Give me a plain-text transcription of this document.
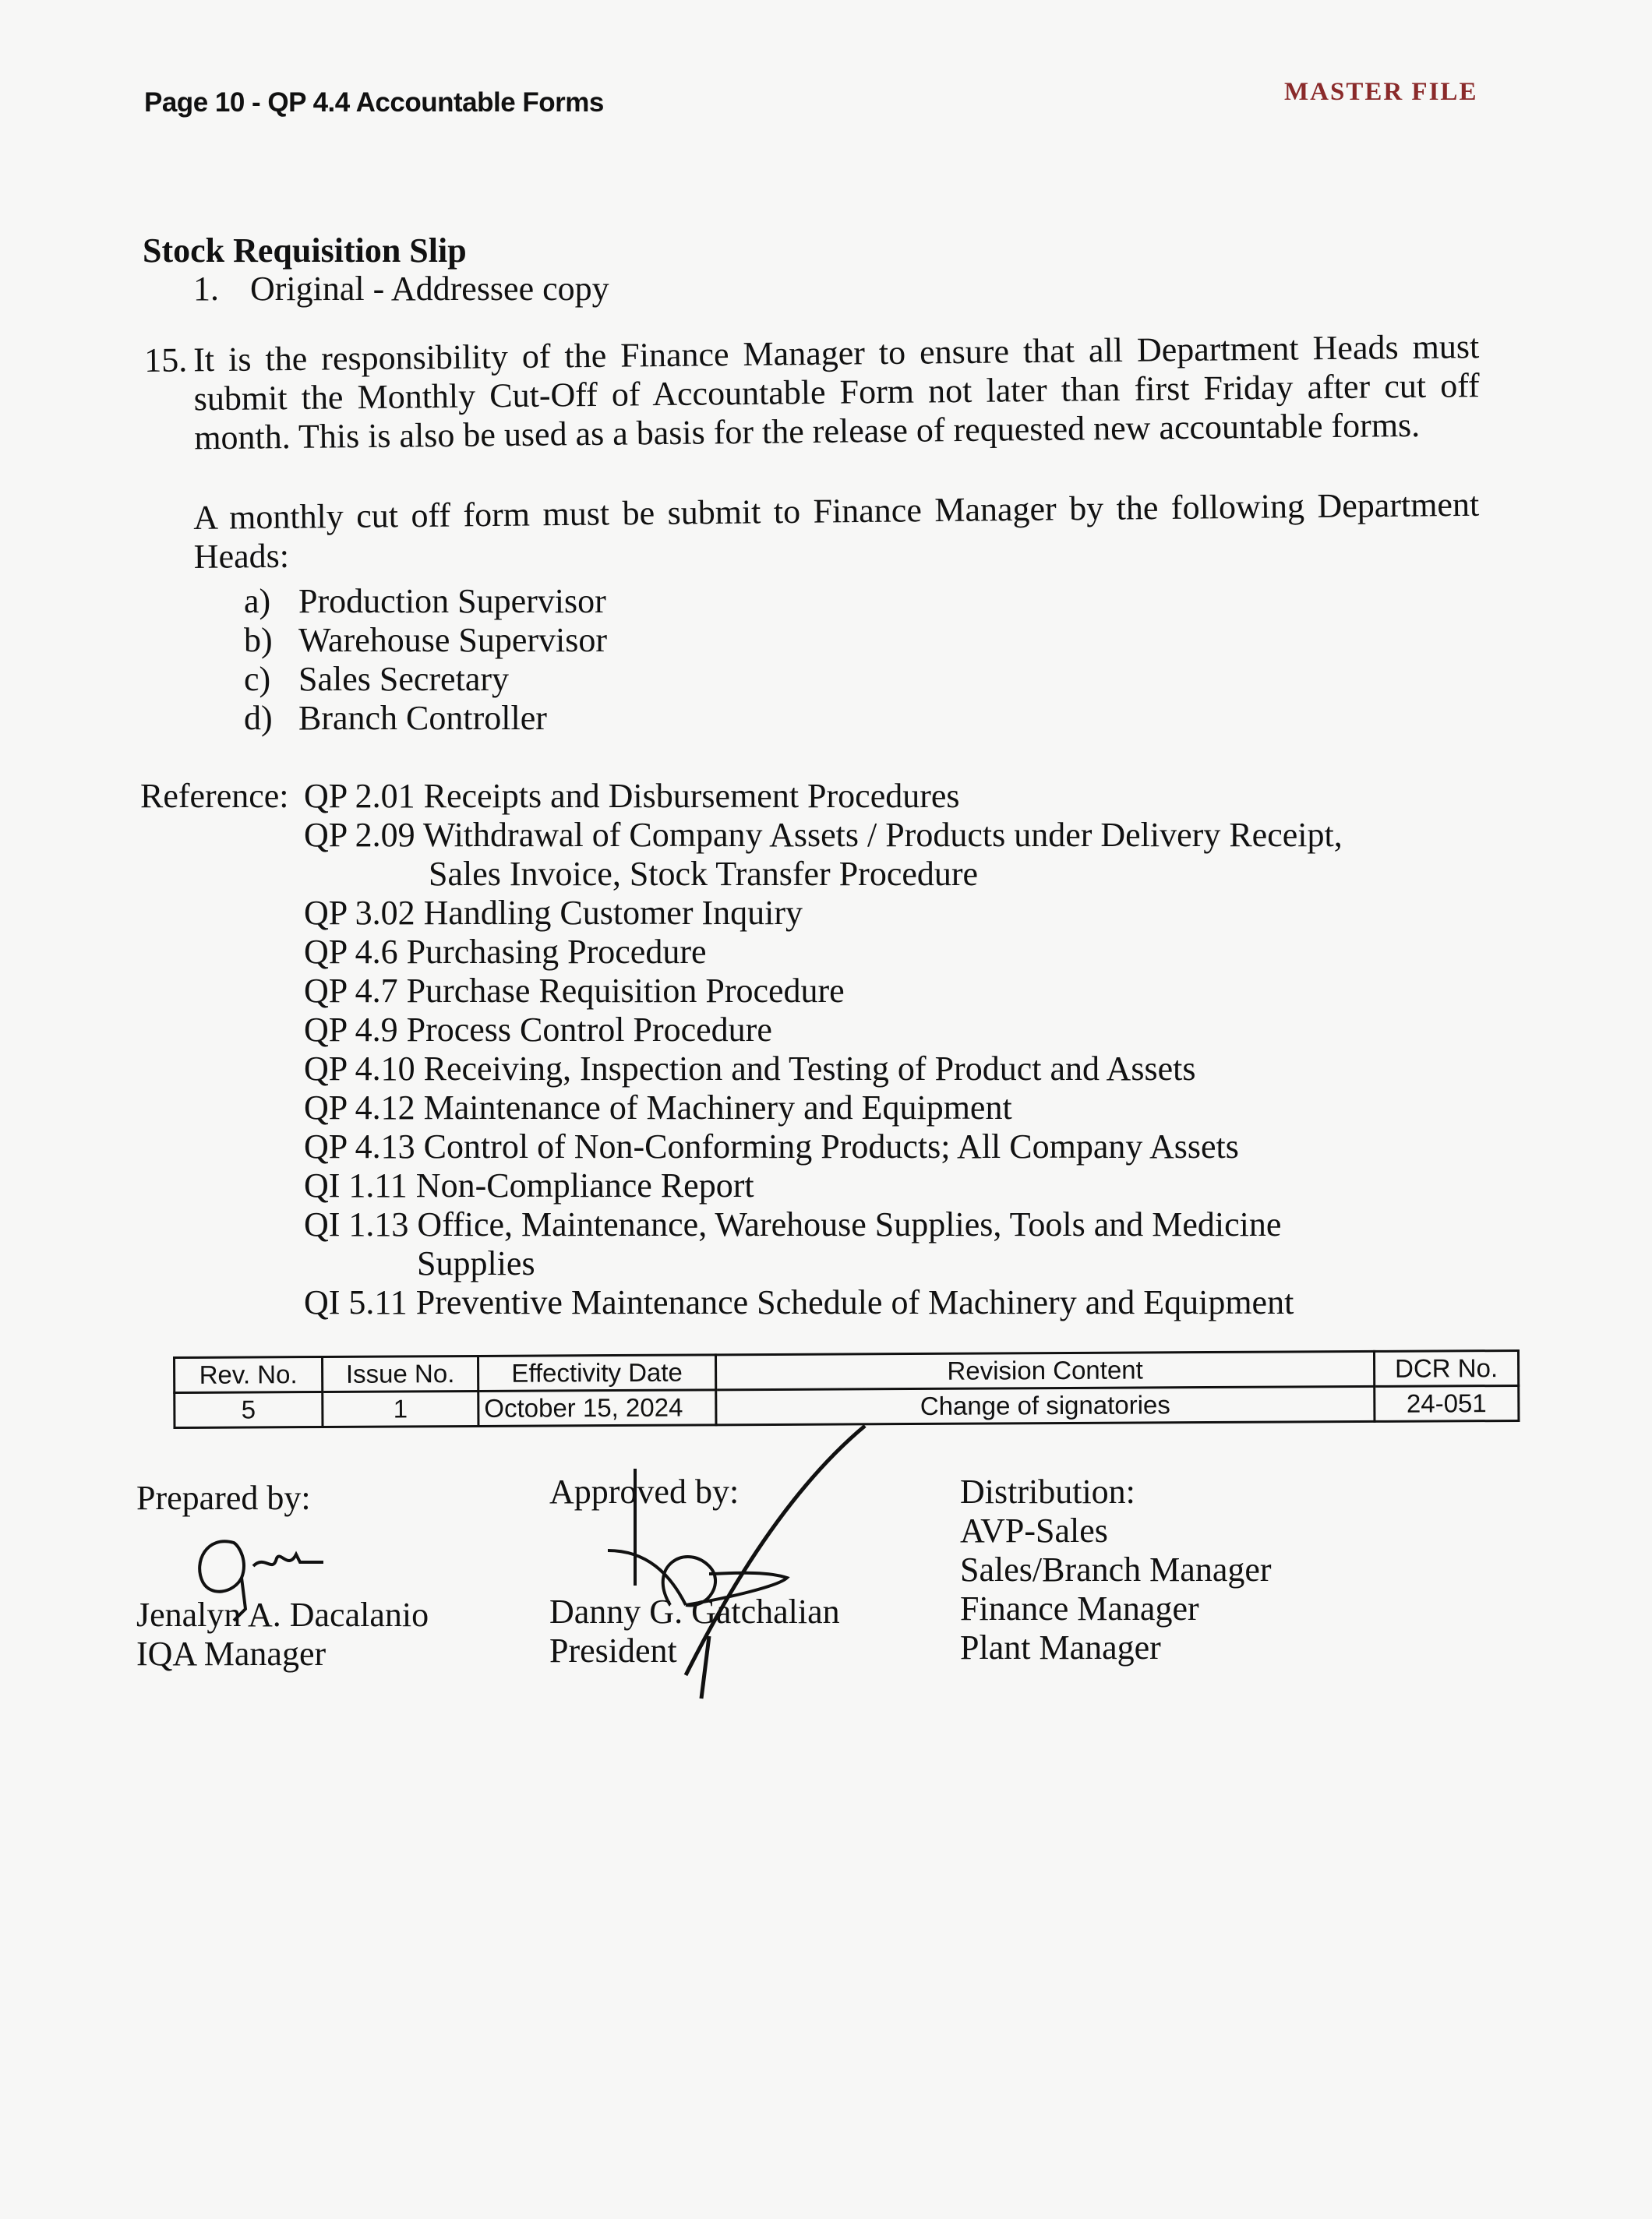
Page 10 - QP 4.4 Accountable Forms	MASTER FILE
Stock Requisition Slip
1. Original - Addressee copy
15. It is the responsibility of the Finance Manager to ensure that all Department Heads must submit the Monthly Cut-Off of Accountable Form not later than first Friday after cut off month. This is also be used as a basis for the release of requested new accountable forms.
A monthly cut off form must be submit to Finance Manager by the following Department Heads:
a) Production Supervisor
b) Warehouse Supervisor
c) Sales Secretary
d) Branch Controller
Reference: QP 2.01 Receipts and Disbursement Procedures
QP 2.09 Withdrawal of Company Assets / Products under Delivery Receipt,
Sales Invoice, Stock Transfer Procedure
QP 3.02 Handling Customer Inquiry
QP 4.6 Purchasing Procedure
QP 4.7 Purchase Requisition Procedure
QP 4.9 Process Control Procedure
QP 4.10 Receiving, Inspection and Testing of Product and Assets
QP 4.12 Maintenance of Machinery and Equipment
QP 4.13 Control of Non-Conforming Products; All Company Assets
QI 1.11 Non-Compliance Report
QI 1.13 Office, Maintenance, Warehouse Supplies, Tools and Medicine
Supplies
QI 5.11 Preventive Maintenance Schedule of Machinery and Equipment
Rev. No.	Issue No.	Effectivity Date	Revision Content	DCR No.
5	1	October 15, 2024	Change of signatories	24-051
Prepared by:
Jenalyn A. Dacalanio
IQA Manager
Approved by:
Danny G. Gatchalian
President
Distribution:
AVP-Sales
Sales/Branch Manager
Finance Manager
Plant Manager
